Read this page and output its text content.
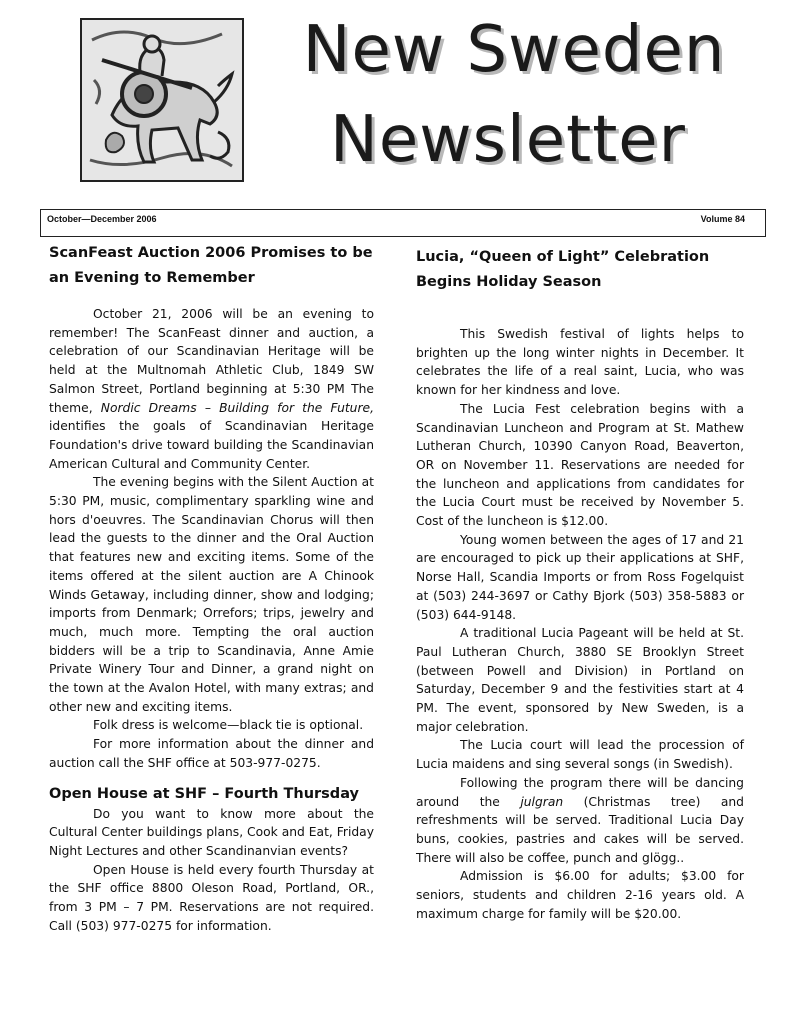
New Sweden
Newsletter
October—December 2006	Volume 84
ScanFeast Auction 2006 Promises to be an Evening to Remember

October 21, 2006 will be an evening to remember! The ScanFeast dinner and auction, a celebration of our Scandinavian Heritage will be held at the Multnomah Athletic Club, 1849 SW Salmon Street, Portland beginning at 5:30 PM The theme, Nordic Dreams – Building for the Future, identifies the goals of Scandinavian Heritage Foundation's drive toward building the Scandinavian American Cultural and Community Center.

The evening begins with the Silent Auction at 5:30 PM, music, complimentary sparkling wine and hors d'oeuvres. The Scandinavian Chorus will then lead the guests to the dinner and the Oral Auction that features new and exciting items. Some of the items offered at the silent auction are A Chinook Winds Getaway, including dinner, show and lodging; imports from Denmark; Orrefors; trips, jewelry and much, much more. Tempting the oral auction bidders will be a trip to Scandinavia, Anne Amie Private Winery Tour and Dinner, a grand night on the town at the Avalon Hotel, with many extras; and other new and exciting items.

Folk dress is welcome—black tie is optional.

For more information about the dinner and auction call the SHF office at 503-977-0275.

Open House at SHF – Fourth Thursday

Do you want to know more about the Cultural Center buildings plans, Cook and Eat, Friday Night Lectures and other Scandinanvian events?

Open House is held every fourth Thursday at the SHF office 8800 Oleson Road, Portland, OR., from 3 PM – 7 PM. Reservations are not required. Call (503) 977-0275 for information.

Lucia, “Queen of Light” Celebration Begins Holiday Season

This Swedish festival of lights helps to brighten up the long winter nights in December. It celebrates the life of a real saint, Lucia, who was known for her kindness and love.

The Lucia Fest celebration begins with a Scandinavian Luncheon and Program at St. Mathew Lutheran Church, 10390 Canyon Road, Beaverton, OR on November 11. Reservations are needed for the luncheon and applications from candidates for the Lucia Court must be received by November 5. Cost of the luncheon is $12.00.

Young women between the ages of 17 and 21 are encouraged to pick up their applications at SHF, Norse Hall, Scandia Imports or from Ross Fogelquist at (503) 244-3697 or Cathy Bjork (503) 358-5883 or (503) 644-9148.

A traditional Lucia Pageant will be held at St. Paul Lutheran Church, 3880 SE Brooklyn Street (between Powell and Division) in Portland on Saturday, December 9 and the festivities start at 4 PM. The event, sponsored by New Sweden, is a major celebration.

The Lucia court will lead the procession of Lucia maidens and sing several songs (in Swedish).

Following the program there will be dancing around the julgran (Christmas tree) and refreshments will be served. Traditional Lucia Day buns, cookies, pastries and cakes will be served. There will also be coffee, punch and glögg..

Admission is $6.00 for adults; $3.00 for seniors, students and children 2-16 years old. A maximum charge for family will be $20.00.
